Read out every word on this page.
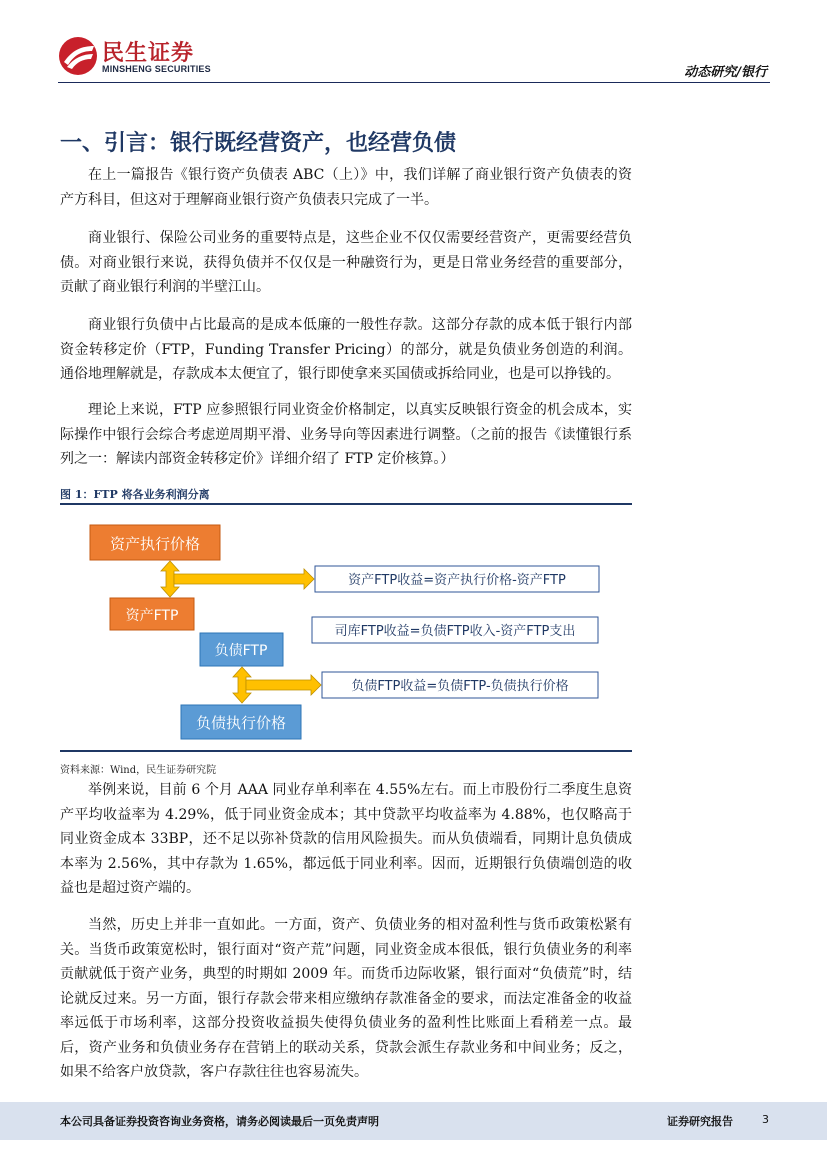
民生证券
MINSHENG SECURITIES	动态研究/银行
一、引言：银行既经营资产，也经营负债

在上一篇报告《银行资产负债表 ABC（上）》中，我们详解了商业银行资产负债表的资产方科目，但这对于理解商业银行资产负债表只完成了一半。

商业银行、保险公司业务的重要特点是，这些企业不仅仅需要经营资产，更需要经营负债。对商业银行来说，获得负债并不仅仅是一种融资行为，更是日常业务经营的重要部分，贡献了商业银行利润的半壁江山。

商业银行负债中占比最高的是成本低廉的一般性存款。这部分存款的成本低于银行内部资金转移定价（FTP，Funding Transfer Pricing）的部分，就是负债业务创造的利润。通俗地理解就是，存款成本太便宜了，银行即使拿来买国债或拆给同业，也是可以挣钱的。

理论上来说，FTP 应参照银行同业资金价格制定，以真实反映银行资金的机会成本，实际操作中银行会综合考虑逆周期平滑、业务导向等因素进行调整。（之前的报告《读懂银行系列之一：解读内部资金转移定价》详细介绍了 FTP 定价核算。）

图 1：FTP 将各业务利润分离
资产执行价格
资产FTP收益=资产执行价格-资产FTP
资产FTP
司库FTP收益=负债FTP收入-资产FTP支出
负债FTP
负债FTP收益=负债FTP-负债执行价格
负债执行价格
资料来源：Wind，民生证券研究院

举例来说，目前 6 个月 AAA 同业存单利率在 4.55%左右。而上市股份行二季度生息资产平均收益率为 4.29%，低于同业资金成本；其中贷款平均收益率为 4.88%，也仅略高于同业资金成本 33BP，还不足以弥补贷款的信用风险损失。而从负债端看，同期计息负债成本率为 2.56%，其中存款为 1.65%，都远低于同业利率。因而，近期银行负债端创造的收益也是超过资产端的。

当然，历史上并非一直如此。一方面，资产、负债业务的相对盈利性与货币政策松紧有关。当货币政策宽松时，银行面对“资产荒”问题，同业资金成本很低，银行负债业务的利率贡献就低于资产业务，典型的时期如 2009 年。而货币边际收紧，银行面对“负债荒”时，结论就反过来。另一方面，银行存款会带来相应缴纳存款准备金的要求，而法定准备金的收益率远低于市场利率，这部分投资收益损失使得负债业务的盈利性比账面上看稍差一点。最后，资产业务和负债业务存在营销上的联动关系，贷款会派生存款业务和中间业务；反之，如果不给客户放贷款，客户存款往往也容易流失。

本公司具备证券投资咨询业务资格，请务必阅读最后一页免责声明	证券研究报告	3
